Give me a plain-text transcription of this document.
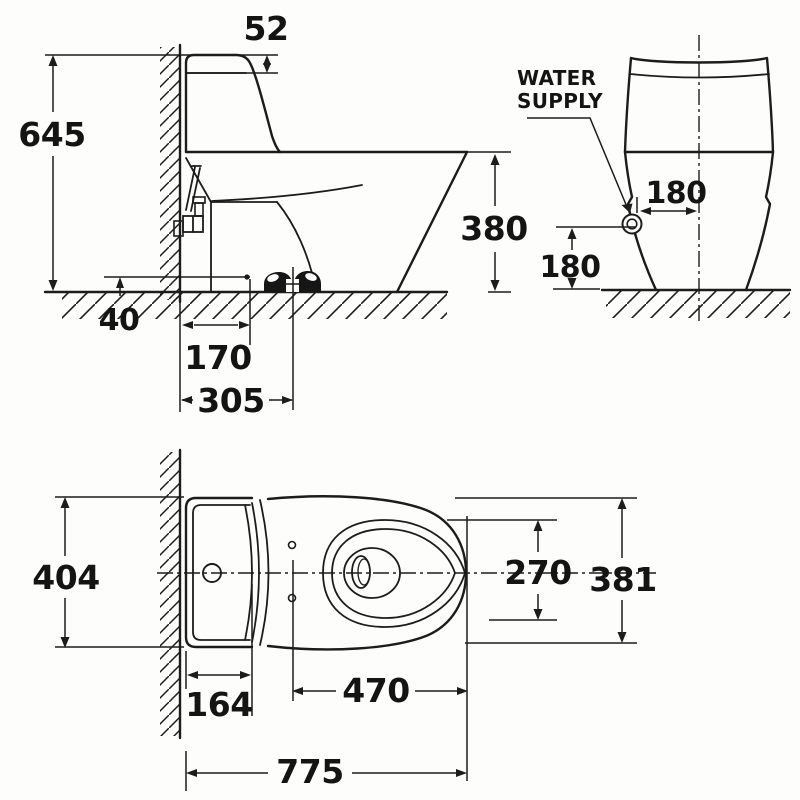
645
52
40
170
305
380
WATER
SUPPLY
180
180
404
164	470
775
270 381
